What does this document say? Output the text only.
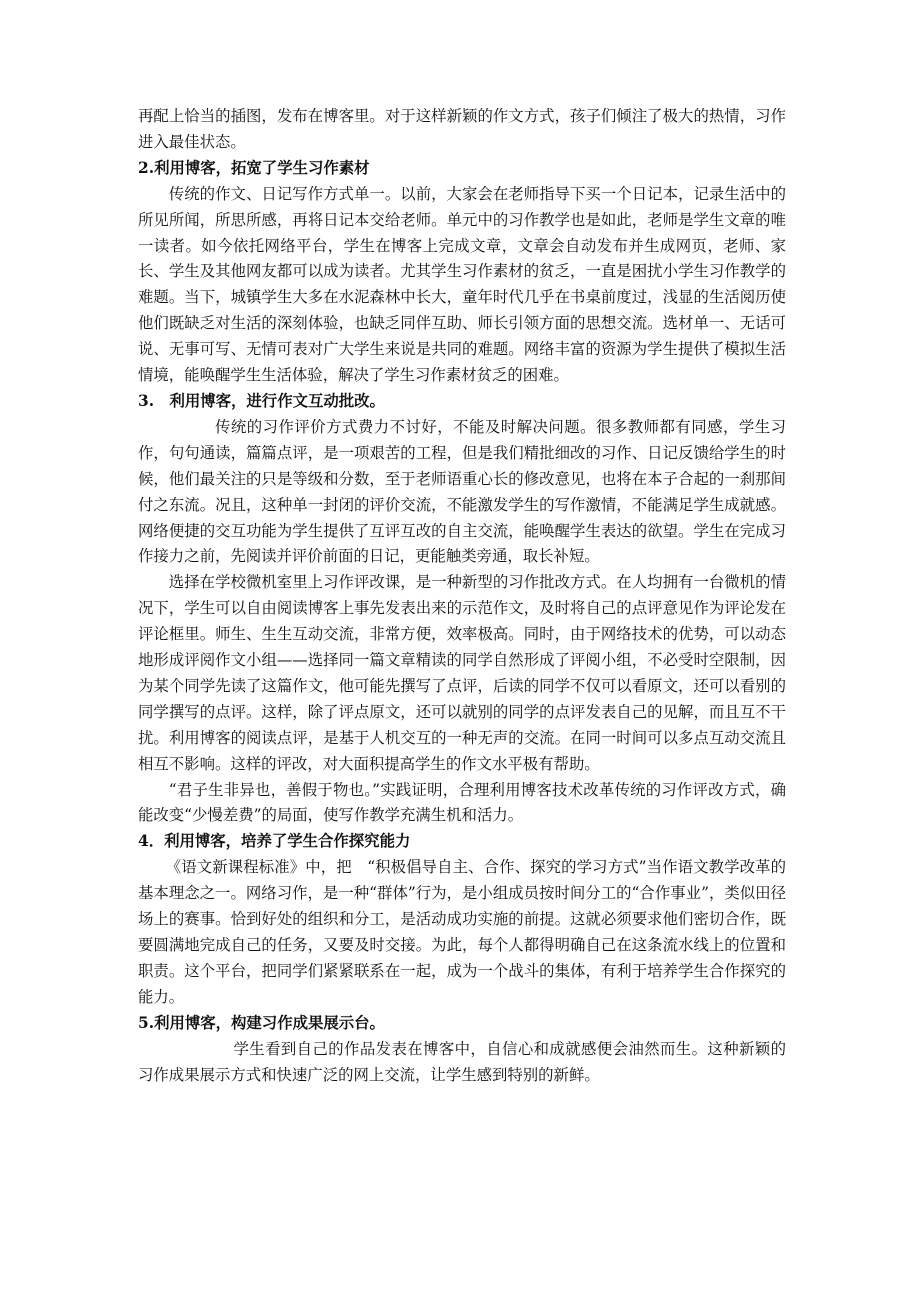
再配上恰当的插图，发布在博客里。对于这样新颖的作文方式，孩子们倾注了极大的热情，习作进入最佳状态。

2.利用博客，拓宽了学生习作素材

传统的作文、日记写作方式单一。以前，大家会在老师指导下买一个日记本，记录生活中的所见所闻，所思所感，再将日记本交给老师。单元中的习作教学也是如此，老师是学生文章的唯一读者。如今依托网络平台，学生在博客上完成文章，文章会自动发布并生成网页，老师、家长、学生及其他网友都可以成为读者。尤其学生习作素材的贫乏，一直是困扰小学生习作教学的难题。当下，城镇学生大多在水泥森林中长大，童年时代几乎在书桌前度过，浅显的生活阅历使他们既缺乏对生活的深刻体验，也缺乏同伴互助、师长引领方面的思想交流。选材单一、无话可说、无事可写、无情可表对广大学生来说是共同的难题。网络丰富的资源为学生提供了模拟生活情境，能唤醒学生生活体验，解决了学生习作素材贫乏的困难。

3.　利用博客，进行作文互动批改。

传统的习作评价方式费力不讨好，不能及时解决问题。很多教师都有同感，学生习作，句句通读，篇篇点评，是一项艰苦的工程，但是我们精批细改的习作、日记反馈给学生的时候，他们最关注的只是等级和分数，至于老师语重心长的修改意见，也将在本子合起的一刹那间付之东流。况且，这种单一封闭的评价交流，不能激发学生的写作激情，不能满足学生成就感。网络便捷的交互功能为学生提供了互评互改的自主交流，能唤醒学生表达的欲望。学生在完成习作接力之前，先阅读并评价前面的日记，更能触类旁通，取长补短。

选择在学校微机室里上习作评改课，是一种新型的习作批改方式。在人均拥有一台微机的情况下，学生可以自由阅读博客上事先发表出来的示范作文，及时将自己的点评意见作为评论发在评论框里。师生、生生互动交流，非常方便，效率极高。同时，由于网络技术的优势，可以动态地形成评阅作文小组——选择同一篇文章精读的同学自然形成了评阅小组，不必受时空限制，因为某个同学先读了这篇作文，他可能先撰写了点评，后读的同学不仅可以看原文，还可以看别的同学撰写的点评。这样，除了评点原文，还可以就别的同学的点评发表自己的见解，而且互不干扰。利用博客的阅读点评，是基于人机交互的一种无声的交流。在同一时间可以多点互动交流且相互不影响。这样的评改，对大面积提高学生的作文水平极有帮助。

“君子生非异也，善假于物也。”实践证明，合理利用博客技术改革传统的习作评改方式，确能改变“少慢差费”的局面，使写作教学充满生机和活力。

4．利用博客，培养了学生合作探究能力

《语文新课程标准》中，把　“积极倡导自主、合作、探究的学习方式”当作语文教学改革的基本理念之一。网络习作，是一种“群体”行为，是小组成员按时间分工的“合作事业”，类似田径场上的赛事。恰到好处的组织和分工，是活动成功实施的前提。这就必须要求他们密切合作，既要圆满地完成自己的任务，又要及时交接。为此，每个人都得明确自己在这条流水线上的位置和职责。这个平台，把同学们紧紧联系在一起，成为一个战斗的集体，有利于培养学生合作探究的能力。

5.利用博客，构建习作成果展示台。

学生看到自己的作品发表在博客中，自信心和成就感便会油然而生。这种新颖的习作成果展示方式和快速广泛的网上交流，让学生感到特别的新鲜。
